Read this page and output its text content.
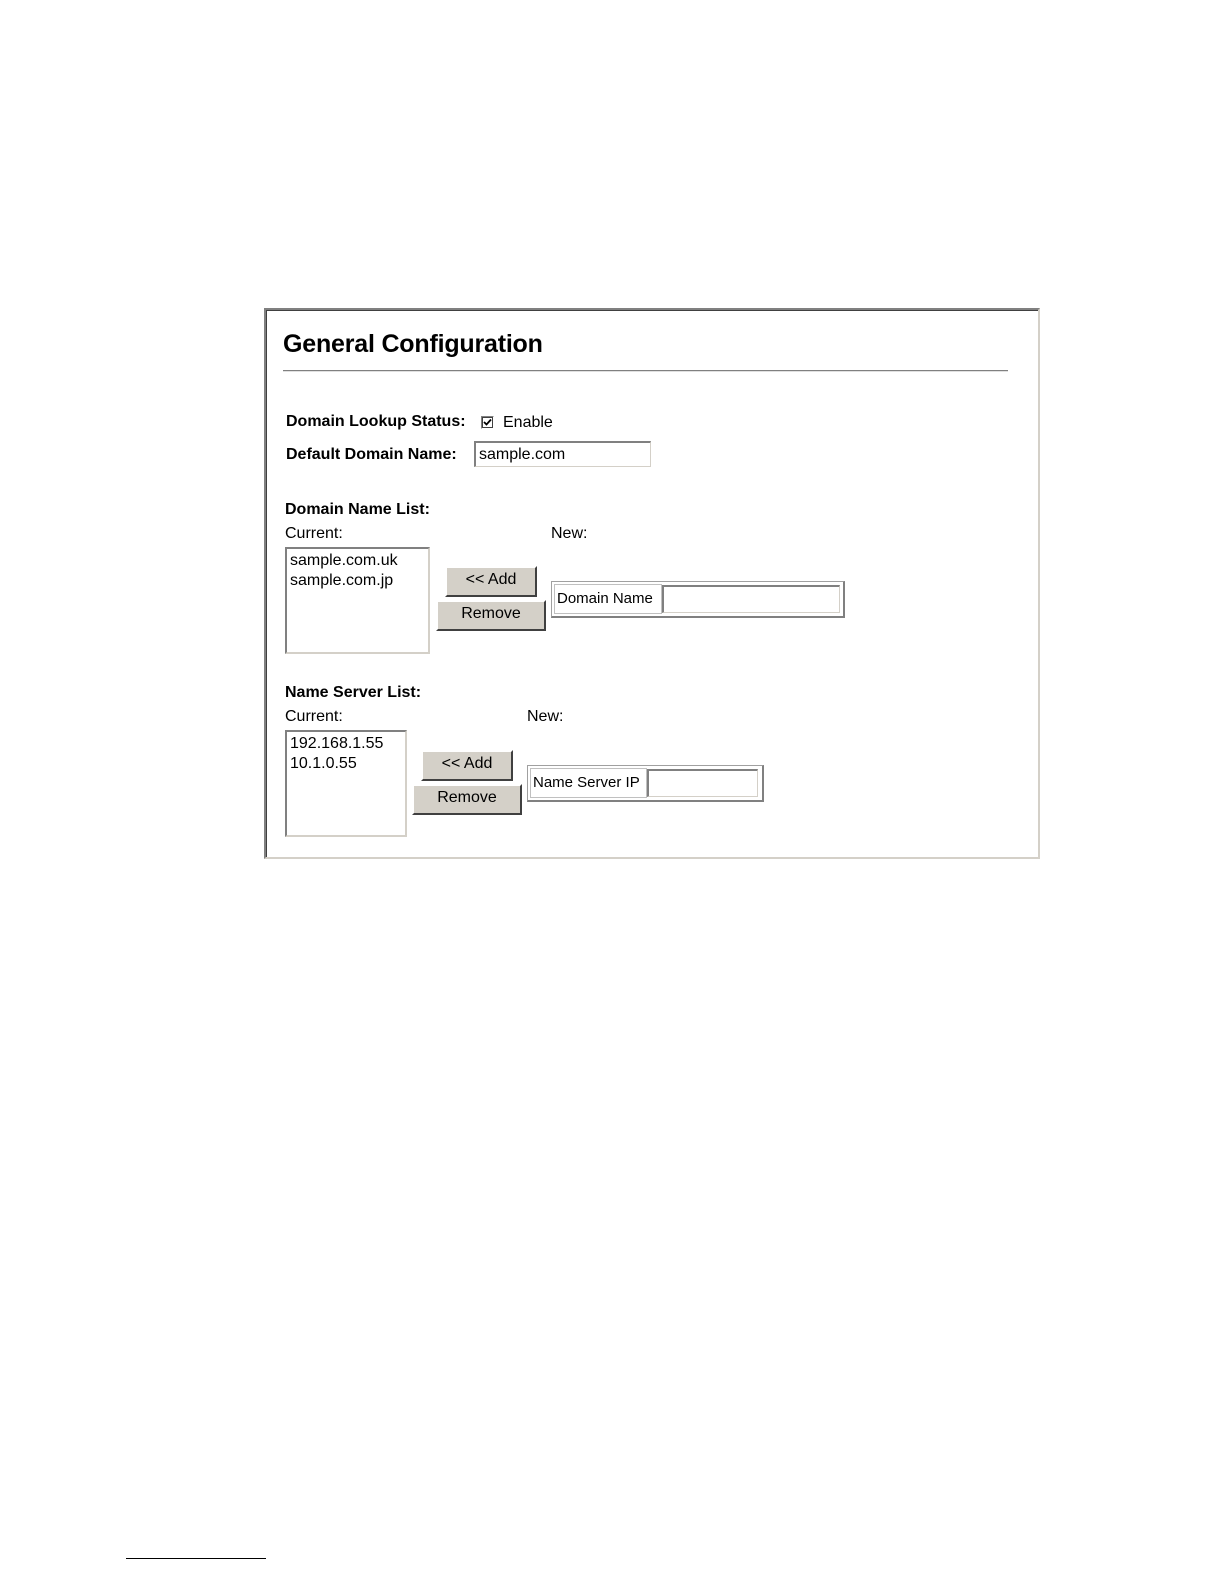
General Configuration
Domain Lookup Status: Enable
Default Domain Name:	sample.com
Domain Name List:
Current:	New:
sample.com.uk
sample.com.jp	<< Add
Remove
Domain Name
Name Server List:
Current:	New:
192.168.1.55
10.1.0.55	<< Add
Remove
Name Server IP
